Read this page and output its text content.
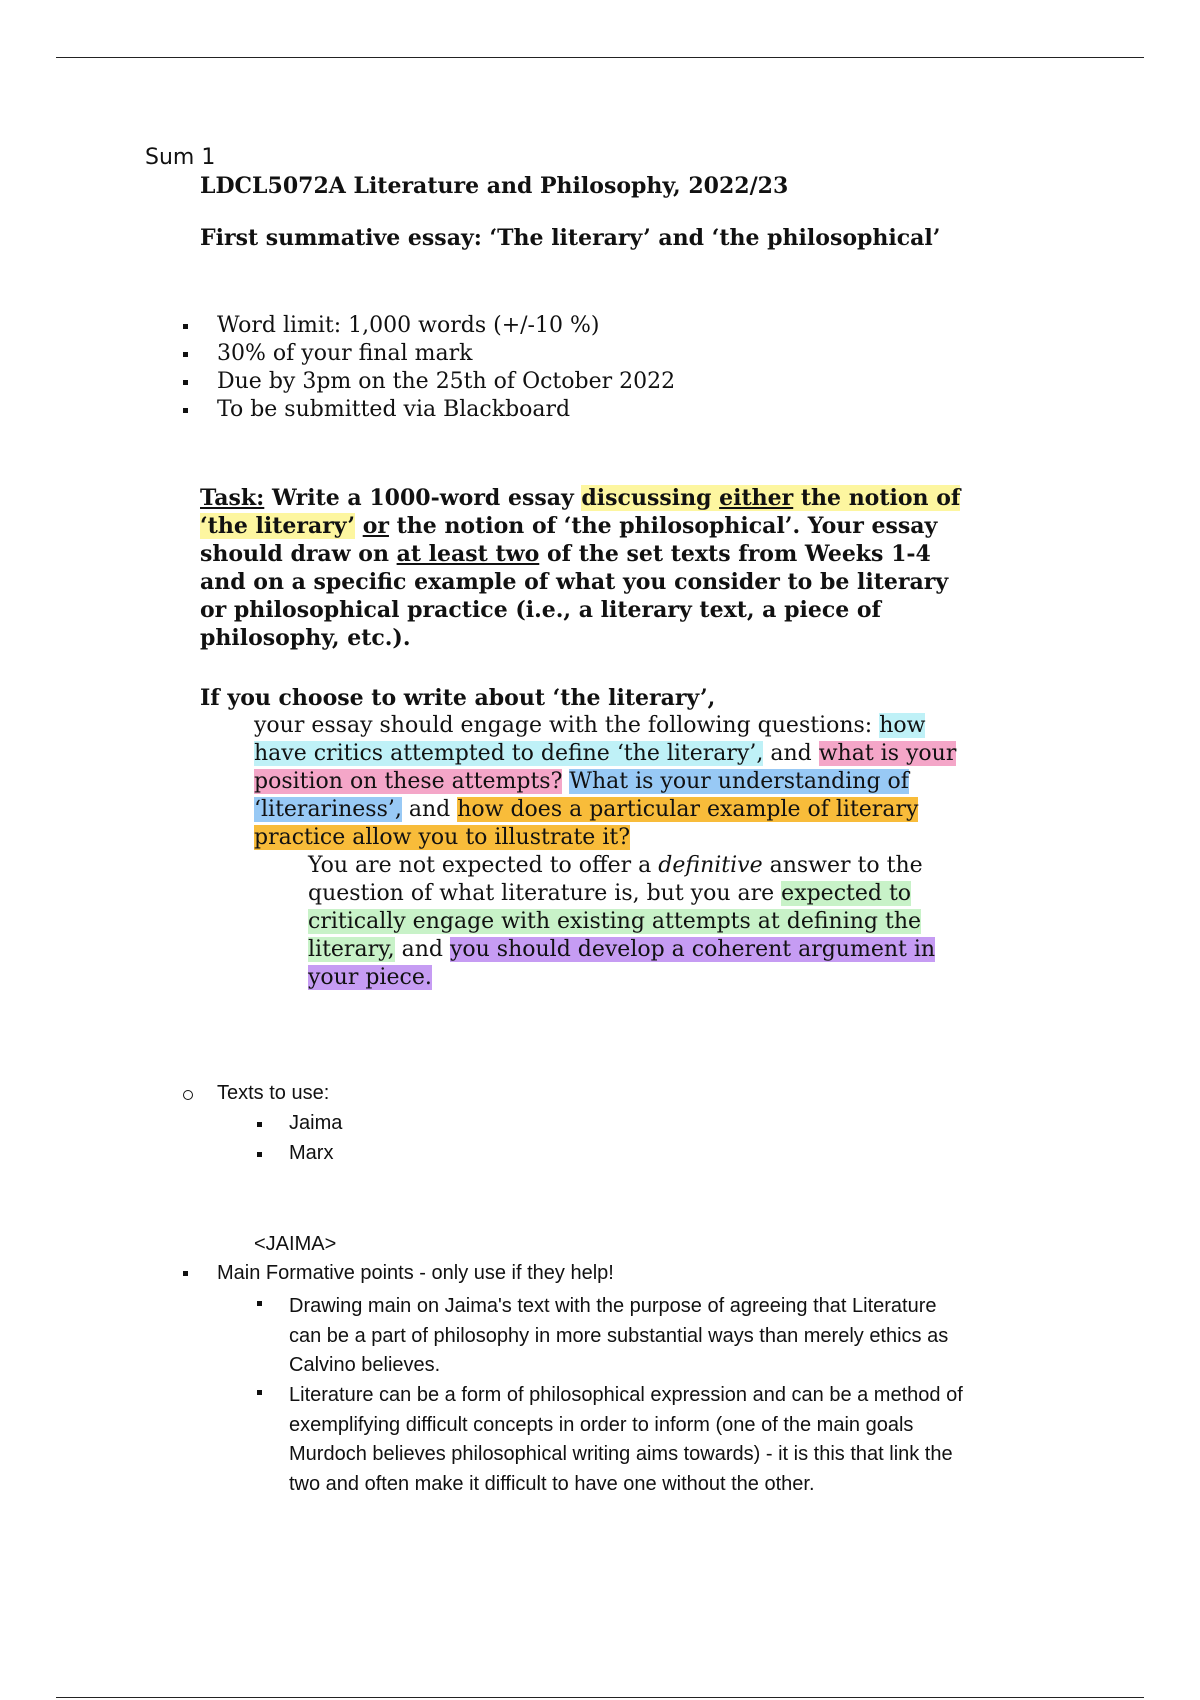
Sum 1
LDCL5072A Literature and Philosophy, 2022/23
First summative essay: ‘The literary’ and ‘the philosophical’
Word limit: 1,000 words (+/-10 %)
30% of your final mark
Due by 3pm on the 25th of October 2022
To be submitted via Blackboard
Task: Write a 1000-word essay discussing either the notion of
‘the literary’ or the notion of ‘the philosophical’. Your essay
should draw on at least two of the set texts from Weeks 1-4
and on a specific example of what you consider to be literary
or philosophical practice (i.e., a literary text, a piece of
philosophy, etc.).
If you choose to write about ‘the literary’,
your essay should engage with the following questions: how
have critics attempted to define ‘the literary’, and what is your
position on these attempts? What is your understanding of
‘literariness’, and how does a particular example of literary
practice allow you to illustrate it?
You are not expected to offer a definitive answer to the
question of what literature is, but you are expected to
critically engage with existing attempts at defining the
literary, and you should develop a coherent argument in
your piece.
Texts to use:
Jaima
Marx
<JAIMA>
Main Formative points - only use if they help!
Drawing main on Jaima's text with the purpose of agreeing that Literature
can be a part of philosophy in more substantial ways than merely ethics as
Calvino believes.
Literature can be a form of philosophical expression and can be a method of
exemplifying difficult concepts in order to inform (one of the main goals
Murdoch believes philosophical writing aims towards) - it is this that link the
two and often make it difficult to have one without the other.
